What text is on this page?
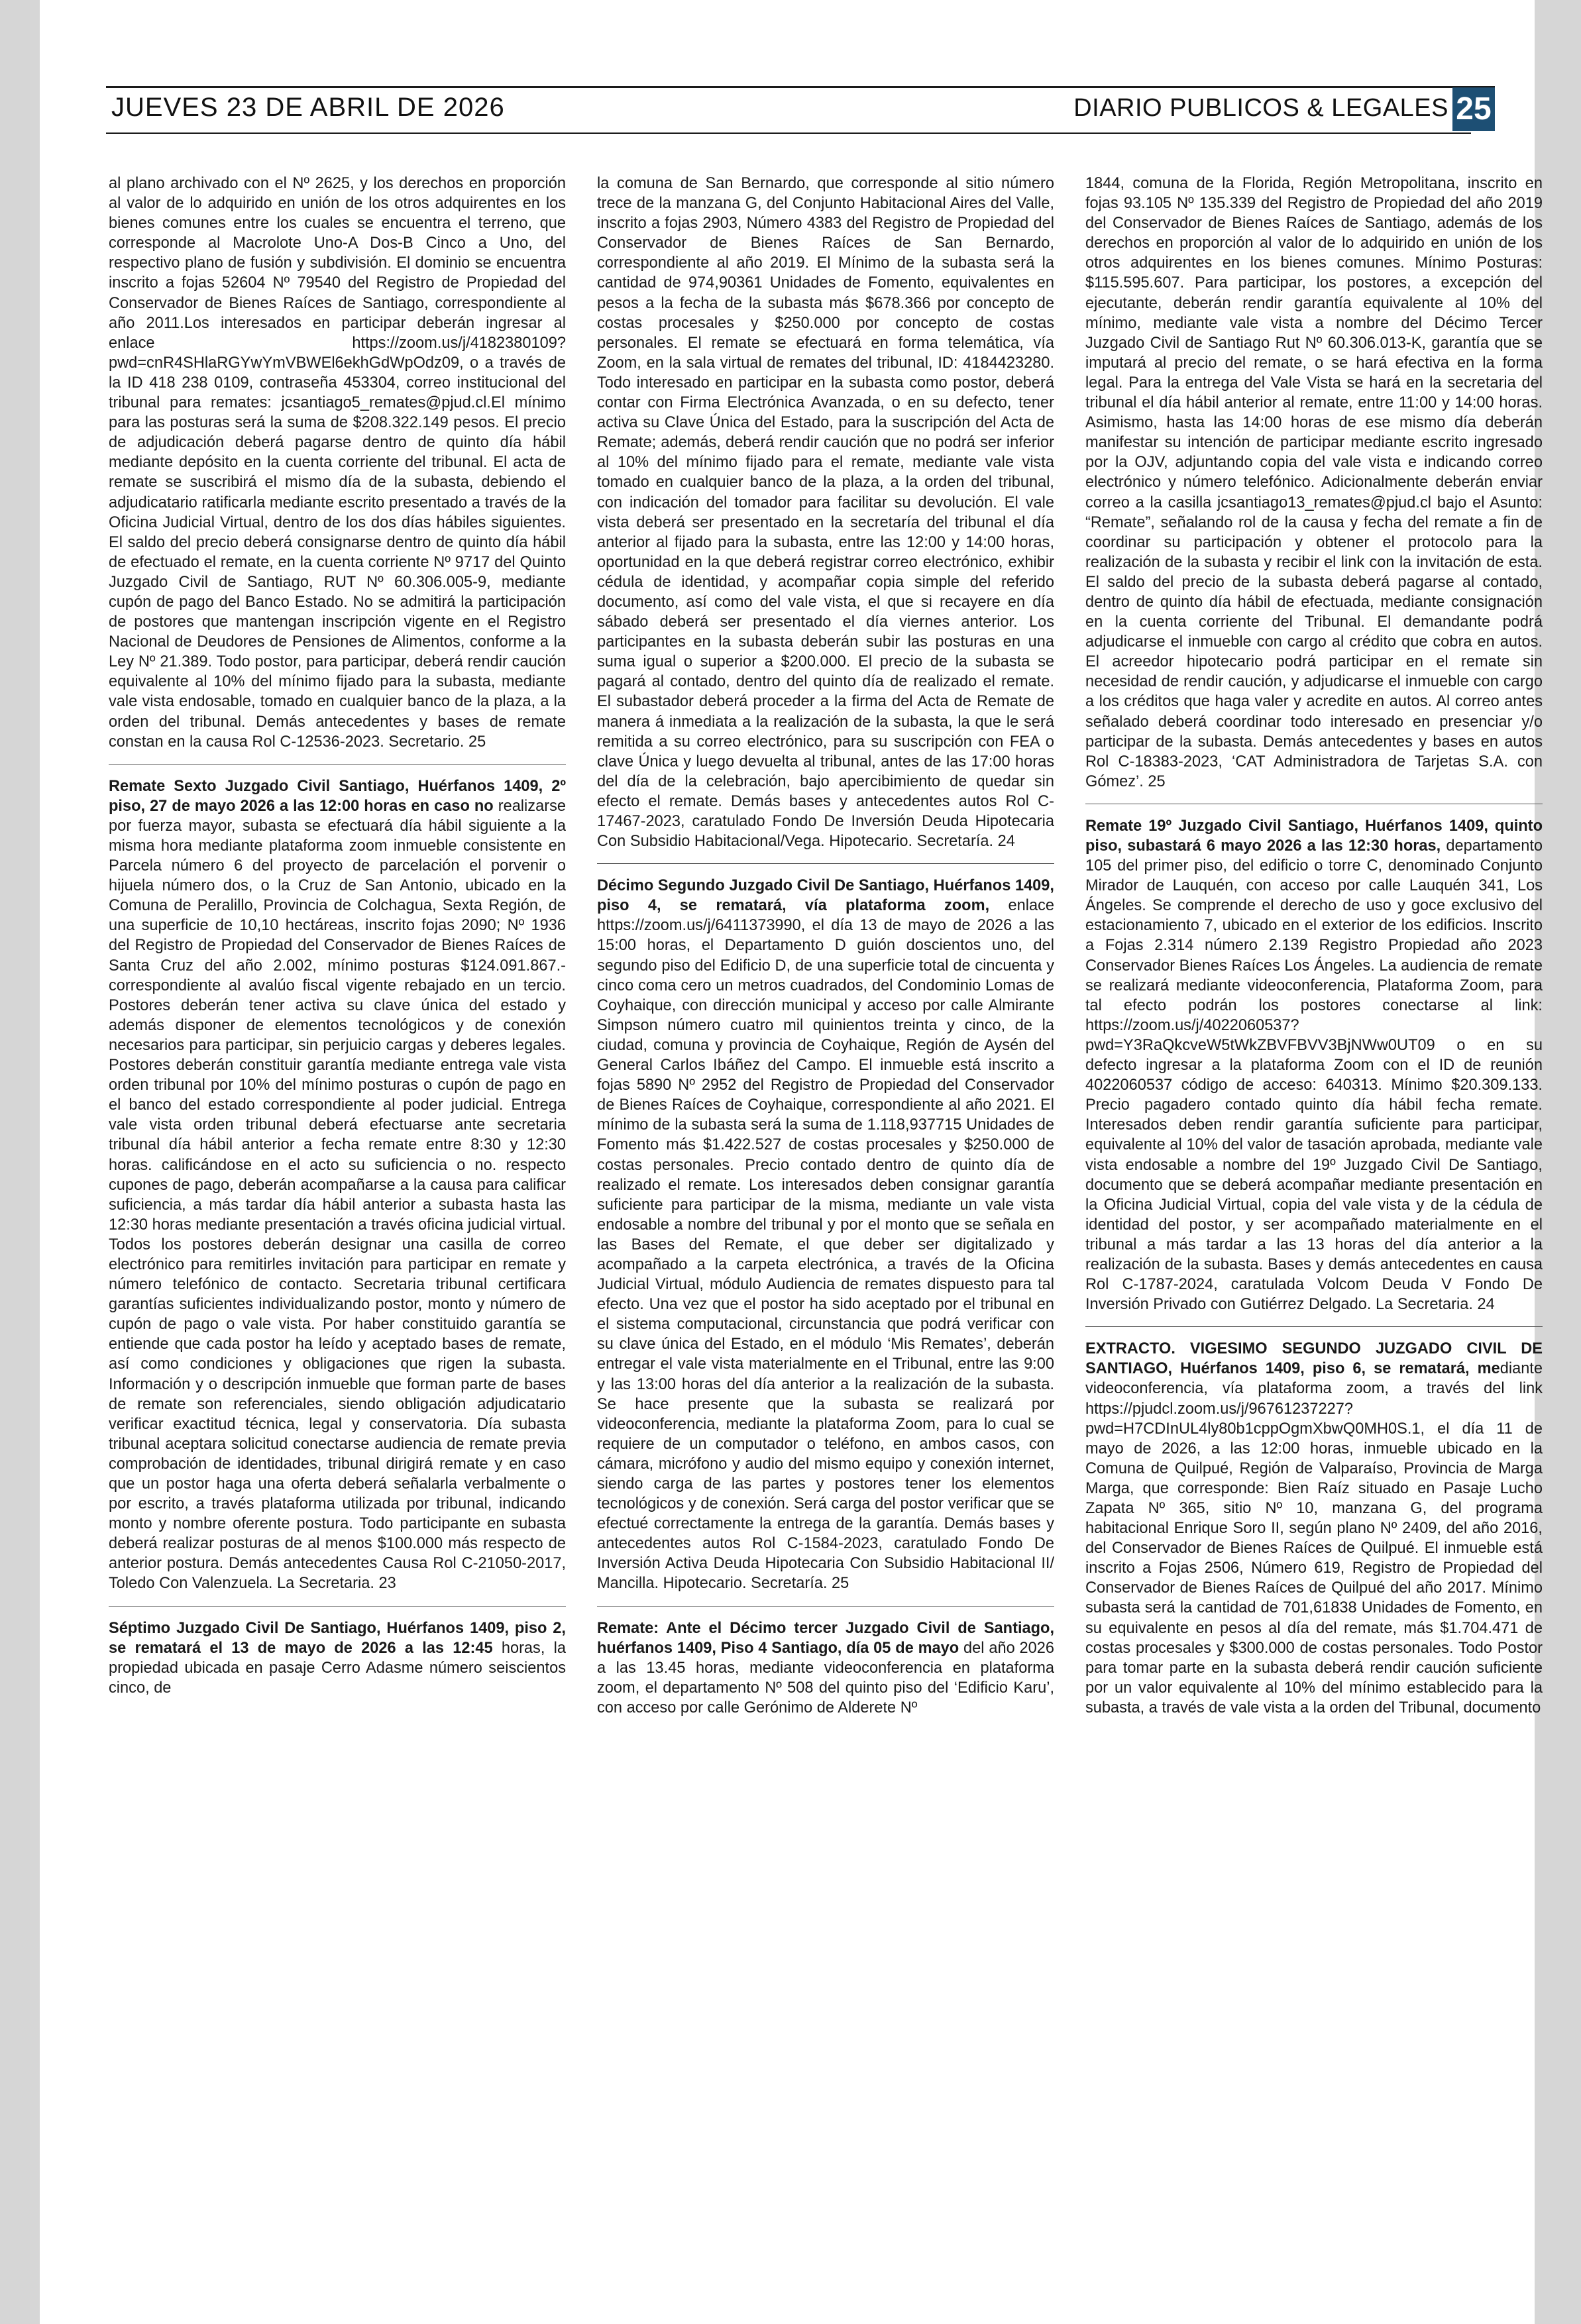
JUEVES 23 DE ABRIL DE 2026	DIARIO PUBLICOS & LEGALES 25

al plano archivado con el Nº 2625, y los derechos en proporción al valor de lo adquirido en unión de los otros adquirentes en los bienes comunes entre los cuales se encuentra el terreno, que corresponde al Macrolote Uno-A Dos-B Cinco a Uno, del respectivo plano de fusión y subdivisión. El dominio se encuentra inscrito a fojas 52604 Nº 79540 del Registro de Propiedad del Conservador de Bienes Raíces de Santiago, correspondiente al año 2011.Los interesados en participar deberán ingresar al enlace https://zoom.us/j/4182380109?pwd=cnR4SHlaRGYwYmVBWEl6ekhGdWpOdz09, o a través de la ID 418 238 0109, contraseña 453304, correo institucional del tribunal para remates: jcsantiago5_remates@pjud.cl.El mínimo para las posturas será la suma de $208.322.149 pesos. El precio de adjudicación deberá pagarse dentro de quinto día hábil mediante depósito en la cuenta corriente del tribunal. El acta de remate se suscribirá el mismo día de la subasta, debiendo el adjudicatario ratificarla mediante escrito presentado a través de la Oficina Judicial Virtual, dentro de los dos días hábiles siguientes. El saldo del precio deberá consignarse dentro de quinto día hábil de efectuado el remate, en la cuenta corriente Nº 9717 del Quinto Juzgado Civil de Santiago, RUT Nº 60.306.005-9, mediante cupón de pago del Banco Estado. No se admitirá la participación de postores que mantengan inscripción vigente en el Registro Nacional de Deudores de Pensiones de Alimentos, conforme a la Ley Nº 21.389. Todo postor, para participar, deberá rendir caución equivalente al 10% del mínimo fijado para la subasta, mediante vale vista endosable, tomado en cualquier banco de la plaza, a la orden del tribunal. Demás antecedentes y bases de remate constan en la causa Rol C-12536-2023. Secretario. 25

Remate Sexto Juzgado Civil Santiago, Huérfanos 1409, 2º piso, 27 de mayo 2026 a las 12:00 horas en caso no realizarse por fuerza mayor, subasta se efectuará día hábil siguiente a la misma hora mediante plataforma zoom inmueble consistente en Parcela número 6 del proyecto de parcelación el porvenir o hijuela número dos, o la Cruz de San Antonio, ubicado en la Comuna de Peralillo, Provincia de Colchagua, Sexta Región, de una superficie de 10,10 hectáreas, inscrito fojas 2090; Nº 1936 del Registro de Propiedad del Conservador de Bienes Raíces de Santa Cruz del año 2.002, mínimo posturas $124.091.867.- correspondiente al avalúo fiscal vigente rebajado en un tercio. Postores deberán tener activa su clave única del estado y además disponer de elementos tecnológicos y de conexión necesarios para participar, sin perjuicio cargas y deberes legales. Postores deberán constituir garantía mediante entrega vale vista orden tribunal por 10% del mínimo posturas o cupón de pago en el banco del estado correspondiente al poder judicial. Entrega vale vista orden tribunal deberá efectuarse ante secretaria tribunal día hábil anterior a fecha remate entre 8:30 y 12:30 horas. calificándose en el acto su suficiencia o no. respecto cupones de pago, deberán acompañarse a la causa para calificar suficiencia, a más tardar día hábil anterior a subasta hasta las 12:30 horas mediante presentación a través oficina judicial virtual. Todos los postores deberán designar una casilla de correo electrónico para remitirles invitación para participar en remate y número telefónico de contacto. Secretaria tribunal certificara garantías suficientes individualizando postor, monto y número de cupón de pago o vale vista. Por haber constituido garantía se entiende que cada postor ha leído y aceptado bases de remate, así como condiciones y obligaciones que rigen la subasta. Información y o descripción inmueble que forman parte de bases de remate son referenciales, siendo obligación adjudicatario verificar exactitud técnica, legal y conservatoria. Día subasta tribunal aceptara solicitud conectarse audiencia de remate previa comprobación de identidades, tribunal dirigirá remate y en caso que un postor haga una oferta deberá señalarla verbalmente o por escrito, a través plataforma utilizada por tribunal, indicando monto y nombre oferente postura. Todo participante en subasta deberá realizar posturas de al menos $100.000 más respecto de anterior postura. Demás antecedentes Causa Rol C-21050-2017, Toledo Con Valenzuela. La Secretaria. 23

Séptimo Juzgado Civil De Santiago, Huérfanos 1409, piso 2, se rematará el 13 de mayo de 2026 a las 12:45 horas, la propiedad ubicada en pasaje Cerro Adasme número seiscientos cinco, de

la comuna de San Bernardo, que corresponde al sitio número trece de la manzana G, del Conjunto Habitacional Aires del Valle, inscrito a fojas 2903, Número 4383 del Registro de Propiedad del Conservador de Bienes Raíces de San Bernardo, correspondiente al año 2019. El Mínimo de la subasta será la cantidad de 974,90361 Unidades de Fomento, equivalentes en pesos a la fecha de la subasta más $678.366 por concepto de costas procesales y $250.000 por concepto de costas personales. El remate se efectuará en forma telemática, vía Zoom, en la sala virtual de remates del tribunal, ID: 4184423280. Todo interesado en participar en la subasta como postor, deberá contar con Firma Electrónica Avanzada, o en su defecto, tener activa su Clave Única del Estado, para la suscripción del Acta de Remate; además, deberá rendir caución que no podrá ser inferior al 10% del mínimo fijado para el remate, mediante vale vista tomado en cualquier banco de la plaza, a la orden del tribunal, con indicación del tomador para facilitar su devolución. El vale vista deberá ser presentado en la secretaría del tribunal el día anterior al fijado para la subasta, entre las 12:00 y 14:00 horas, oportunidad en la que deberá registrar correo electrónico, exhibir cédula de identidad, y acompañar copia simple del referido documento, así como del vale vista, el que si recayere en día sábado deberá ser presentado el día viernes anterior. Los participantes en la subasta deberán subir las posturas en una suma igual o superior a $200.000. El precio de la subasta se pagará al contado, dentro del quinto día de realizado el remate. El subastador deberá proceder a la firma del Acta de Remate de manera á inmediata a la realización de la subasta, la que le será remitida a su correo electrónico, para su suscripción con FEA o clave Única y luego devuelta al tribunal, antes de las 17:00 horas del día de la celebración, bajo apercibimiento de quedar sin efecto el remate. Demás bases y antecedentes autos Rol C-17467-2023, caratulado Fondo De Inversión Deuda Hipotecaria Con Subsidio Habitacional/Vega. Hipotecario. Secretaría. 24

Décimo Segundo Juzgado Civil De Santiago, Huérfanos 1409, piso 4, se rematará, vía plataforma zoom, enlace https://zoom.us/j/6411373990, el día 13 de mayo de 2026 a las 15:00 horas, el Departamento D guión doscientos uno, del segundo piso del Edificio D, de una superficie total de cincuenta y cinco coma cero un metros cuadrados, del Condominio Lomas de Coyhaique, con dirección municipal y acceso por calle Almirante Simpson número cuatro mil quinientos treinta y cinco, de la ciudad, comuna y provincia de Coyhaique, Región de Aysén del General Carlos Ibáñez del Campo. El inmueble está inscrito a fojas 5890 Nº 2952 del Registro de Propiedad del Conservador de Bienes Raíces de Coyhaique, correspondiente al año 2021. El mínimo de la subasta será la suma de 1.118,937715 Unidades de Fomento más $1.422.527 de costas procesales y $250.000 de costas personales. Precio contado dentro de quinto día de realizado el remate. Los interesados deben consignar garantía suficiente para participar de la misma, mediante un vale vista endosable a nombre del tribunal y por el monto que se señala en las Bases del Remate, el que deber ser digitalizado y acompañado a la carpeta electrónica, a través de la Oficina Judicial Virtual, módulo Audiencia de remates dispuesto para tal efecto. Una vez que el postor ha sido aceptado por el tribunal en el sistema computacional, circunstancia que podrá verificar con su clave única del Estado, en el módulo ‘Mis Remates’, deberán entregar el vale vista materialmente en el Tribunal, entre las 9:00 y las 13:00 horas del día anterior a la realización de la subasta. Se hace presente que la subasta se realizará por videoconferencia, mediante la plataforma Zoom, para lo cual se requiere de un computador o teléfono, en ambos casos, con cámara, micrófono y audio del mismo equipo y conexión internet, siendo carga de las partes y postores tener los elementos tecnológicos y de conexión. Será carga del postor verificar que se efectué correctamente la entrega de la garantía. Demás bases y antecedentes autos Rol C-1584-2023, caratulado Fondo De Inversión Activa Deuda Hipotecaria Con Subsidio Habitacional II/ Mancilla. Hipotecario. Secretaría. 25

Remate: Ante el Décimo tercer Juzgado Civil de Santiago, huérfanos 1409, Piso 4 Santiago, día 05 de mayo del año 2026 a las 13.45 horas, mediante videoconferencia en plataforma zoom, el departamento Nº 508 del quinto piso del ‘Edificio Karu’, con acceso por calle Gerónimo de Alderete Nº

1844, comuna de la Florida, Región Metropolitana, inscrito en fojas 93.105 Nº 135.339 del Registro de Propiedad del año 2019 del Conservador de Bienes Raíces de Santiago, además de los derechos en proporción al valor de lo adquirido en unión de los otros adquirentes en los bienes comunes. Mínimo Posturas: $115.595.607. Para participar, los postores, a excepción del ejecutante, deberán rendir garantía equivalente al 10% del mínimo, mediante vale vista a nombre del Décimo Tercer Juzgado Civil de Santiago Rut Nº 60.306.013-K, garantía que se imputará al precio del remate, o se hará efectiva en la forma legal. Para la entrega del Vale Vista se hará en la secretaria del tribunal el día hábil anterior al remate, entre 11:00 y 14:00 horas. Asimismo, hasta las 14:00 horas de ese mismo día deberán manifestar su intención de participar mediante escrito ingresado por la OJV, adjuntando copia del vale vista e indicando correo electrónico y número telefónico. Adicionalmente deberán enviar correo a la casilla jcsantiago13_remates@pjud.cl bajo el Asunto: “Remate”, señalando rol de la causa y fecha del remate a fin de coordinar su participación y obtener el protocolo para la realización de la subasta y recibir el link con la invitación de esta. El saldo del precio de la subasta deberá pagarse al contado, dentro de quinto día hábil de efectuada, mediante consignación en la cuenta corriente del Tribunal. El demandante podrá adjudicarse el inmueble con cargo al crédito que cobra en autos. El acreedor hipotecario podrá participar en el remate sin necesidad de rendir caución, y adjudicarse el inmueble con cargo a los créditos que haga valer y acredite en autos. Al correo antes señalado deberá coordinar todo interesado en presenciar y/o participar de la subasta. Demás antecedentes y bases en autos Rol C-18383-2023, ‘CAT Administradora de Tarjetas S.A. con Gómez’. 25

Remate 19º Juzgado Civil Santiago, Huérfanos 1409, quinto piso, subastará 6 mayo 2026 a las 12:30 horas, departamento 105 del primer piso, del edificio o torre C, denominado Conjunto Mirador de Lauquén, con acceso por calle Lauquén 341, Los Ángeles. Se comprende el derecho de uso y goce exclusivo del estacionamiento 7, ubicado en el exterior de los edificios. Inscrito a Fojas 2.314 número 2.139 Registro Propiedad año 2023 Conservador Bienes Raíces Los Ángeles. La audiencia de remate se realizará mediante videoconferencia, Plataforma Zoom, para tal efecto podrán los postores conectarse al link: https://zoom.us/j/4022060537?pwd=Y3RaQkcveW5tWkZBVFBVV3BjNWw0UT09 o en su defecto ingresar a la plataforma Zoom con el ID de reunión 4022060537 código de acceso: 640313. Mínimo $20.309.133. Precio pagadero contado quinto día hábil fecha remate. Interesados deben rendir garantía suficiente para participar, equivalente al 10% del valor de tasación aprobada, mediante vale vista endosable a nombre del 19º Juzgado Civil De Santiago, documento que se deberá acompañar mediante presentación en la Oficina Judicial Virtual, copia del vale vista y de la cédula de identidad del postor, y ser acompañado materialmente en el tribunal a más tardar a las 13 horas del día anterior a la realización de la subasta. Bases y demás antecedentes en causa Rol C-1787-2024, caratulada Volcom Deuda V Fondo De Inversión Privado con Gutiérrez Delgado. La Secretaria. 24

EXTRACTO. VIGESIMO SEGUNDO JUZGADO CIVIL DE SANTIAGO, Huérfanos 1409, piso 6, se rematará, mediante videoconferencia, vía plataforma zoom, a través del link https://pjudcl.zoom.us/j/96761237227?pwd=H7CDInUL4ly80b1cppOgmXbwQ0MH0S.1, el día 11 de mayo de 2026, a las 12:00 horas, inmueble ubicado en la Comuna de Quilpué, Región de Valparaíso, Provincia de Marga Marga, que corresponde: Bien Raíz situado en Pasaje Lucho Zapata Nº 365, sitio Nº 10, manzana G, del programa habitacional Enrique Soro II, según plano Nº 2409, del año 2016, del Conservador de Bienes Raíces de Quilpué. El inmueble está inscrito a Fojas 2506, Número 619, Registro de Propiedad del Conservador de Bienes Raíces de Quilpué del año 2017. Mínimo subasta será la cantidad de 701,61838 Unidades de Fomento, en su equivalente en pesos al día del remate, más $1.704.471 de costas procesales y $300.000 de costas personales. Todo Postor para tomar parte en la subasta deberá rendir caución suficiente por un valor equivalente al 10% del mínimo establecido para la subasta, a través de vale vista a la orden del Tribunal, documento
